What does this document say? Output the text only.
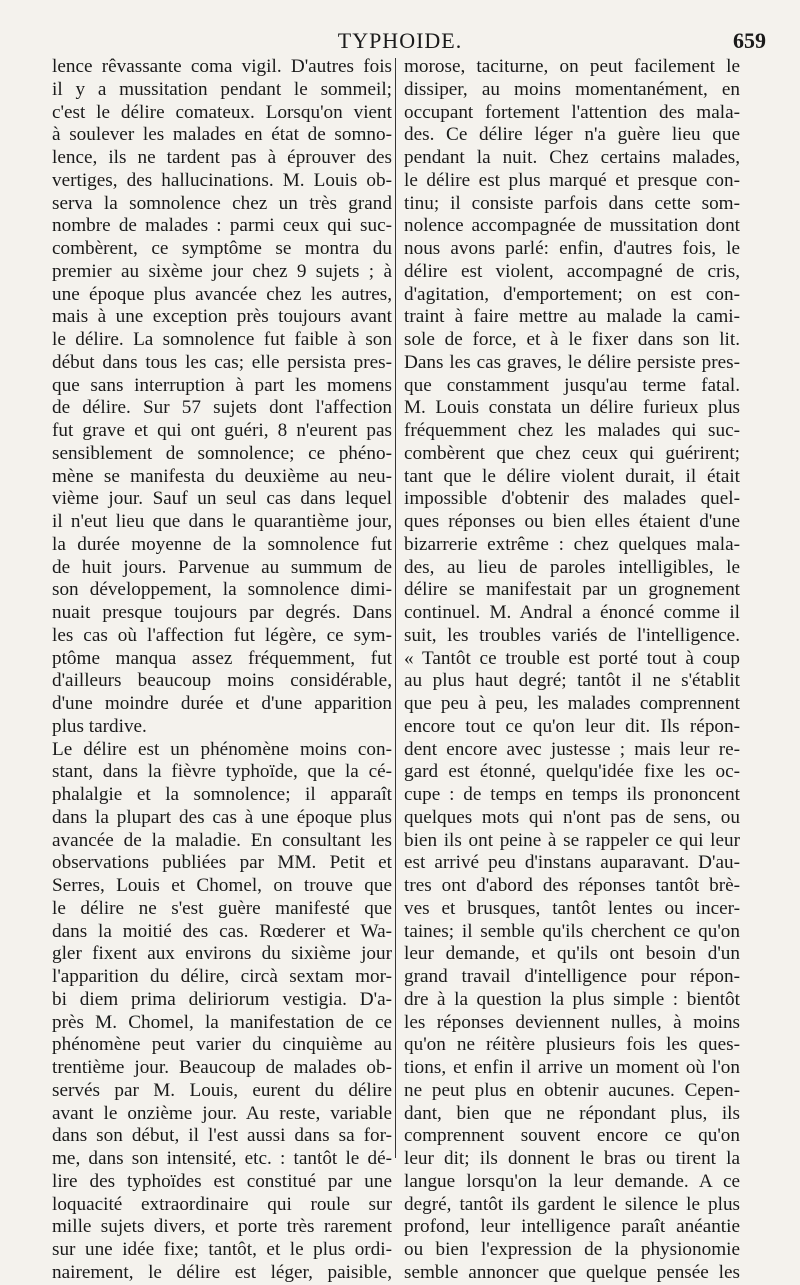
TYPHOIDE.	659
lence rêvassante coma vigil. D'autres fois
il y a mussitation pendant le sommeil;
c'est le délire comateux. Lorsqu'on vient
à soulever les malades en état de somno-
lence, ils ne tardent pas à éprouver des
vertiges, des hallucinations. M. Louis ob-
serva la somnolence chez un très grand
nombre de malades : parmi ceux qui suc-
combèrent, ce symptôme se montra du
premier au sixème jour chez 9 sujets ; à
une époque plus avancée chez les autres,
mais à une exception près toujours avant
le délire. La somnolence fut faible à son
début dans tous les cas; elle persista pres-
que sans interruption à part les momens
de délire. Sur 57 sujets dont l'affection
fut grave et qui ont guéri, 8 n'eurent pas
sensiblement de somnolence; ce phéno-
mène se manifesta du deuxième au neu-
vième jour. Sauf un seul cas dans lequel
il n'eut lieu que dans le quarantième jour,
la durée moyenne de la somnolence fut
de huit jours. Parvenue au summum de
son développement, la somnolence dimi-
nuait presque toujours par degrés. Dans
les cas où l'affection fut légère, ce sym-
ptôme manqua assez fréquemment, fut
d'ailleurs beaucoup moins considérable,
d'une moindre durée et d'une apparition
plus tardive.
Le délire est un phénomène moins con-
stant, dans la fièvre typhoïde, que la cé-
phalalgie et la somnolence; il apparaît
dans la plupart des cas à une époque plus
avancée de la maladie. En consultant les
observations publiées par MM. Petit et
Serres, Louis et Chomel, on trouve que
le délire ne s'est guère manifesté que
dans la moitié des cas. Rœderer et Wa-
gler fixent aux environs du sixième jour
l'apparition du délire, circà sextam mor-
bi diem prima deliriorum vestigia. D'a-
près M. Chomel, la manifestation de ce
phénomène peut varier du cinquième au
trentième jour. Beaucoup de malades ob-
servés par M. Louis, eurent du délire
avant le onzième jour. Au reste, variable
dans son début, il l'est aussi dans sa for-
me, dans son intensité, etc. : tantôt le dé-
lire des typhoïdes est constitué par une
loquacité extraordinaire qui roule sur
mille sujets divers, et porte très rarement
sur une idée fixe; tantôt, et le plus ordi-
nairement, le délire est léger, paisible,
morose, taciturne, on peut facilement le
dissiper, au moins momentanément, en
occupant fortement l'attention des mala-
des. Ce délire léger n'a guère lieu que
pendant la nuit. Chez certains malades,
le délire est plus marqué et presque con-
tinu; il consiste parfois dans cette som-
nolence accompagnée de mussitation dont
nous avons parlé: enfin, d'autres fois, le
délire est violent, accompagné de cris,
d'agitation, d'emportement; on est con-
traint à faire mettre au malade la cami-
sole de force, et à le fixer dans son lit.
Dans les cas graves, le délire persiste pres-
que constamment jusqu'au terme fatal.
M. Louis constata un délire furieux plus
fréquemment chez les malades qui suc-
combèrent que chez ceux qui guérirent;
tant que le délire violent durait, il était
impossible d'obtenir des malades quel-
ques réponses ou bien elles étaient d'une
bizarrerie extrême : chez quelques mala-
des, au lieu de paroles intelligibles, le
délire se manifestait par un grognement
continuel. M. Andral a énoncé comme il
suit, les troubles variés de l'intelligence.
« Tantôt ce trouble est porté tout à coup
au plus haut degré; tantôt il ne s'établit
que peu à peu, les malades comprennent
encore tout ce qu'on leur dit. Ils répon-
dent encore avec justesse ; mais leur re-
gard est étonné, quelqu'idée fixe les oc-
cupe : de temps en temps ils prononcent
quelques mots qui n'ont pas de sens, ou
bien ils ont peine à se rappeler ce qui leur
est arrivé peu d'instans auparavant. D'au-
tres ont d'abord des réponses tantôt brè-
ves et brusques, tantôt lentes ou incer-
taines; il semble qu'ils cherchent ce qu'on
leur demande, et qu'ils ont besoin d'un
grand travail d'intelligence pour répon-
dre à la question la plus simple : bientôt
les réponses deviennent nulles, à moins
qu'on ne réitère plusieurs fois les ques-
tions, et enfin il arrive un moment où l'on
ne peut plus en obtenir aucunes. Cepen-
dant, bien que ne répondant plus, ils
comprennent souvent encore ce qu'on
leur dit; ils donnent le bras ou tirent la
langue lorsqu'on la leur demande. A ce
degré, tantôt ils gardent le silence le plus
profond, leur intelligence paraît anéantie
ou bien l'expression de la physionomie
semble annoncer que quelque pensée les
